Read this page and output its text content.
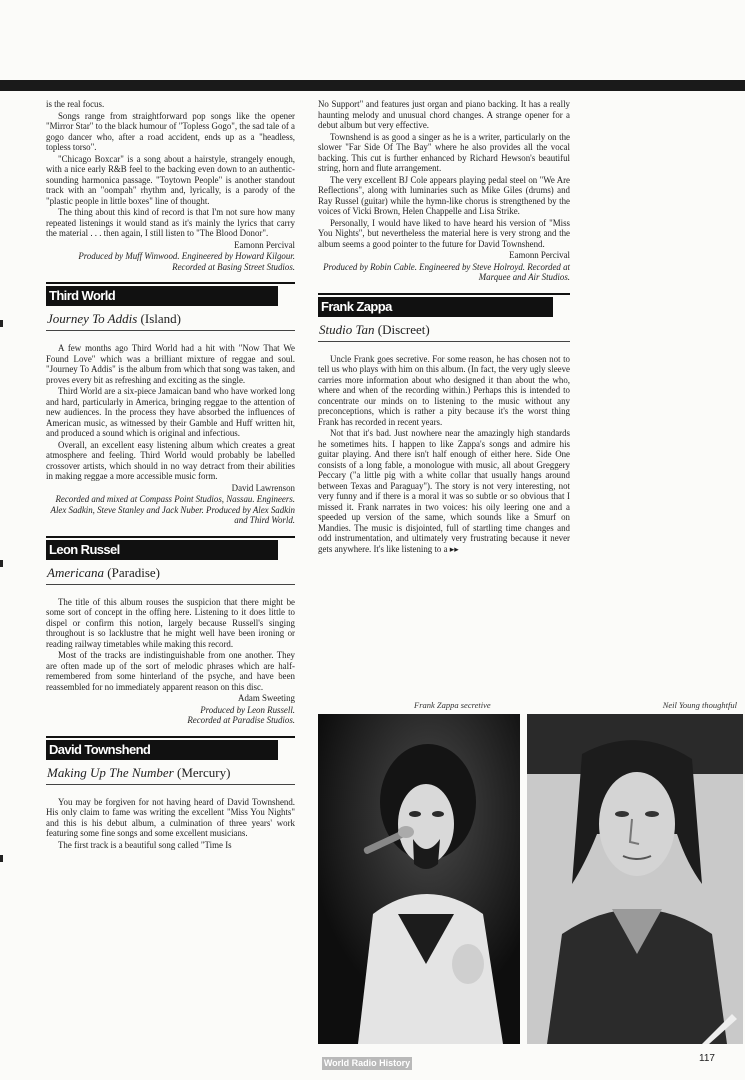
is the real focus.

Songs range from straightforward pop songs like the opener "Mirror Star" to the black humour of "Topless Gogo", the sad tale of a gogo dancer who, after a road accident, ends up as a "headless, topless torso".

"Chicago Boxcar" is a song about a hairstyle, strangely enough, with a nice early R&B feel to the backing even down to an authentic-sounding harmonica passage. "Toytown People" is another standout track with an "oompah" rhythm and, lyrically, is a parody of the "plastic people in little boxes" line of thought.

The thing about this kind of record is that I'm not sure how many repeated listenings it would stand as it's mainly the lyrics that carry the material . . . then again, I still listen to "The Blood Donor".

Eamonn Percival
Produced by Muff Winwood. Engineered by Howard Kilgour. Recorded at Basing Street Studios.
Third World
Journey To Addis (Island)

A few months ago Third World had a hit with "Now That We Found Love" which was a brilliant mixture of reggae and soul. "Journey To Addis" is the album from which that song was taken, and proves every bit as refreshing and exciting as the single.

Third World are a six-piece Jamaican band who have worked long and hard, particularly in America, bringing reggae to the attention of new audiences. In the process they have absorbed the influences of American music, as witnessed by their Gamble and Huff written hit, and produced a sound which is original and infectious.

Overall, an excellent easy listening album which creates a great atmosphere and feeling. Third World would probably be labelled crossover artists, which should in no way detract from their abilities in making reggae a more accessible music form.

David Lawrenson
Recorded and mixed at Compass Point Studios, Nassau. Engineers. Alex Sadkin, Steve Stanley and Jack Nuber. Produced by Alex Sadkin and Third World.
Leon Russel
Americana (Paradise)

The title of this album rouses the suspicion that there might be some sort of concept in the offing here. Listening to it does little to dispel or confirm this notion, largely because Russell's singing throughout is so lacklustre that he might well have been ironing or reading railway timetables while making this record.

Most of the tracks are indistinguishable from one another. They are often made up of the sort of melodic phrases which are half-remembered from some hinterland of the psyche, and have been reassembled for no immediately apparent reason on this disc.

Adam Sweeting
Produced by Leon Russell.
Recorded at Paradise Studios.
David Townshend
Making Up The Number (Mercury)

You may be forgiven for not having heard of David Townshend. His only claim to fame was writing the excellent "Miss You Nights" and this is his debut album, a culmination of three years' work featuring some fine songs and some excellent musicians.

The first track is a beautiful song called "Time Is

No Support" and features just organ and piano backing. It has a really haunting melody and unusual chord changes. A strange opener for a debut album but very effective.

Townshend is as good a singer as he is a writer, particularly on the slower "Far Side Of The Bay" where he also provides all the vocal backing. This cut is further enhanced by Richard Hewson's beautiful string, horn and flute arrangement.

The very excellent BJ Cole appears playing pedal steel on "We Are Reflections", along with luminaries such as Mike Giles (drums) and Ray Russel (guitar) while the hymn-like chorus is strengthened by the voices of Vicki Brown, Helen Chappelle and Lisa Strike.

Personally, I would have liked to have heard his version of "Miss You Nights", but nevertheless the material here is very strong and the album seems a good pointer to the future for David Townshend.

Eamonn Percival
Produced by Robin Cable. Engineered by Steve Holroyd. Recorded at Marquee and Air Studios.
Frank Zappa
Studio Tan (Discreet)

Uncle Frank goes secretive. For some reason, he has chosen not to tell us who plays with him on this album. (In fact, the very ugly sleeve carries more information about who designed it than about the who, where and when of the recording within.) Perhaps this is intended to concentrate our minds on to listening to the music without any preconceptions, which is rather a pity because it's the worst thing Frank has recorded in recent years.

Not that it's bad. Just nowhere near the amazingly high standards he sometimes hits. I happen to like Zappa's songs and admire his guitar playing. And there isn't half enough of either here. Side One consists of a long fable, a monologue with music, all about Greggery Peccary ("a little pig with a white collar that usually hangs around between Texas and Paraguay"). The story is not very interesting, not very funny and if there is a moral it was so subtle or so obvious that I missed it. Frank narrates in two voices: his oily leering one and a speeded up version of the same, which sounds like a Smurf on Mandies. The music is disjointed, full of startling time changes and odd instrumentation, and ultimately very frustrating because it never gets anywhere. It's like listening to a ▸▸

Frank Zappa secretive	Neil Young thoughtful
World Radio History	117
